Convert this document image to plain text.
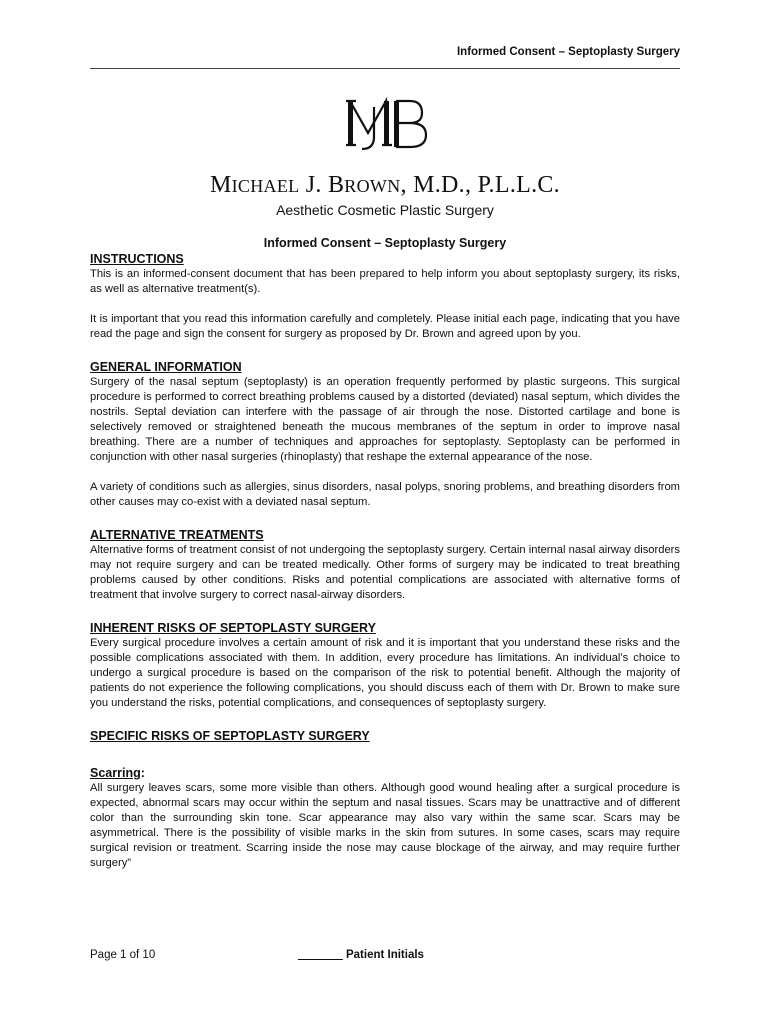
Informed Consent – Septoplasty Surgery
MICHAEL J. BROWN, M.D., P.L.L.C.
Aesthetic Cosmetic Plastic Surgery
Informed Consent – Septoplasty Surgery

INSTRUCTIONS

This is an informed-consent document that has been prepared to help inform you about septoplasty surgery, its risks, as well as alternative treatment(s).

It is important that you read this information carefully and completely. Please initial each page, indicating that you have read the page and sign the consent for surgery as proposed by Dr. Brown and agreed upon by you.

GENERAL INFORMATION

Surgery of the nasal septum (septoplasty) is an operation frequently performed by plastic surgeons. This surgical procedure is performed to correct breathing problems caused by a distorted (deviated) nasal septum, which divides the nostrils. Septal deviation can interfere with the passage of air through the nose. Distorted cartilage and bone is selectively removed or straightened beneath the mucous membranes of the septum in order to improve nasal breathing. There are a number of techniques and approaches for septoplasty. Septoplasty can be performed in conjunction with other nasal surgeries (rhinoplasty) that reshape the external appearance of the nose.

A variety of conditions such as allergies, sinus disorders, nasal polyps, snoring problems, and breathing disorders from other causes may co-exist with a deviated nasal septum.

ALTERNATIVE TREATMENTS

Alternative forms of treatment consist of not undergoing the septoplasty surgery. Certain internal nasal airway disorders may not require surgery and can be treated medically. Other forms of surgery may be indicated to treat breathing problems caused by other conditions. Risks and potential complications are associated with alternative forms of treatment that involve surgery to correct nasal-airway disorders.

INHERENT RISKS OF SEPTOPLASTY SURGERY

Every surgical procedure involves a certain amount of risk and it is important that you understand these risks and the possible complications associated with them. In addition, every procedure has limitations. An individual’s choice to undergo a surgical procedure is based on the comparison of the risk to potential benefit. Although the majority of patients do not experience the following complications, you should discuss each of them with Dr. Brown to make sure you understand the risks, potential complications, and consequences of septoplasty surgery.

SPECIFIC RISKS OF SEPTOPLASTY SURGERY

Scarring:

All surgery leaves scars, some more visible than others. Although good wound healing after a surgical procedure is expected, abnormal scars may occur within the septum and nasal tissues. Scars may be unattractive and of different color than the surrounding skin tone. Scar appearance may also vary within the same scar. Scars may be asymmetrical. There is the possibility of visible marks in the skin from sutures. In some cases, scars may require surgical revision or treatment. Scarring inside the nose may cause blockage of the airway, and may require further surgery”

Page 1 of 10	_______ Patient Initials
